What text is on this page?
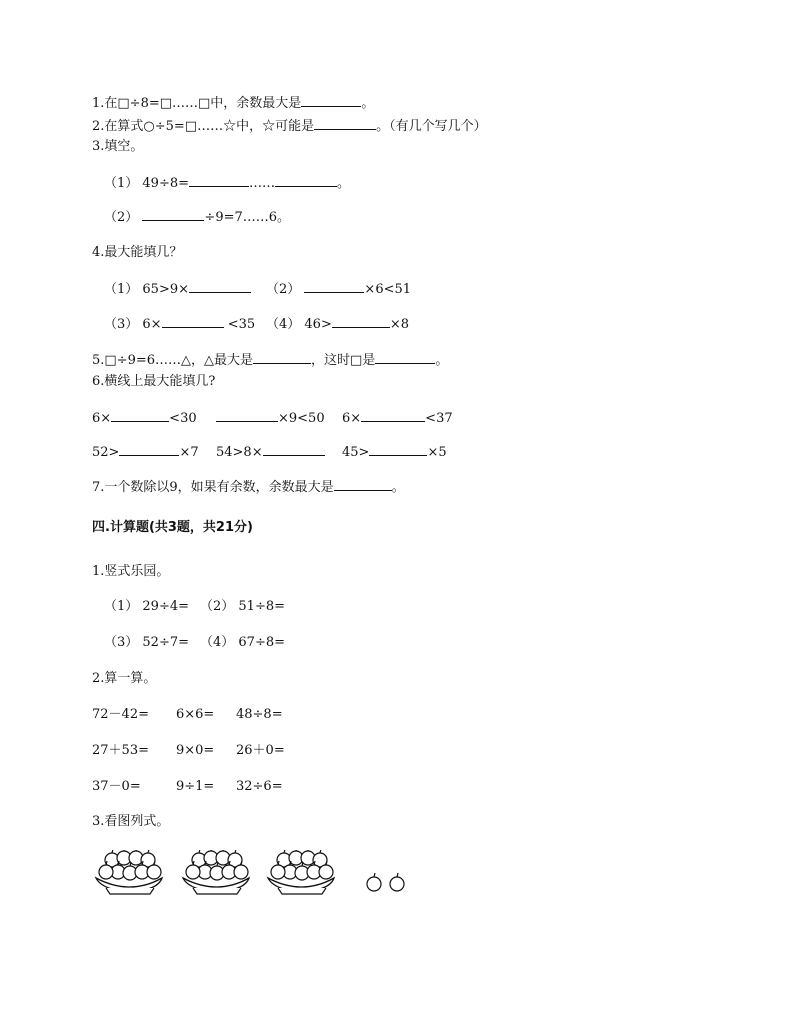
1.在□÷8=□……□中，余数最大是	。
2.在算式○÷5=□……☆中，☆可能是	。（有几个写几个）
3.填空。
（1） 49÷8=	……	。
（2）	÷9=7……6。
4.最大能填几？
（1） 65>9×	（2）	×6<51
（3） 6×	<35 （4） 46>	×8
5.□÷9=6……△，△最大是	，这时□是	。
6.横线上最大能填几?
6×	<30	×9<50 6×	<37
52>	×7 54>8×	45>	×5
7.一个数除以9，如果有余数，余数最大是	。
四.计算题(共3题，共21分)
1.竖式乐园。
（1） 29÷4= （2） 51÷8=
（3） 52÷7= （4） 67÷8=
2.算一算。
72－42= 6×6= 48÷8=
27＋53= 9×0= 26＋0=
37－0=	9÷1= 32÷6=
3.看图列式。
